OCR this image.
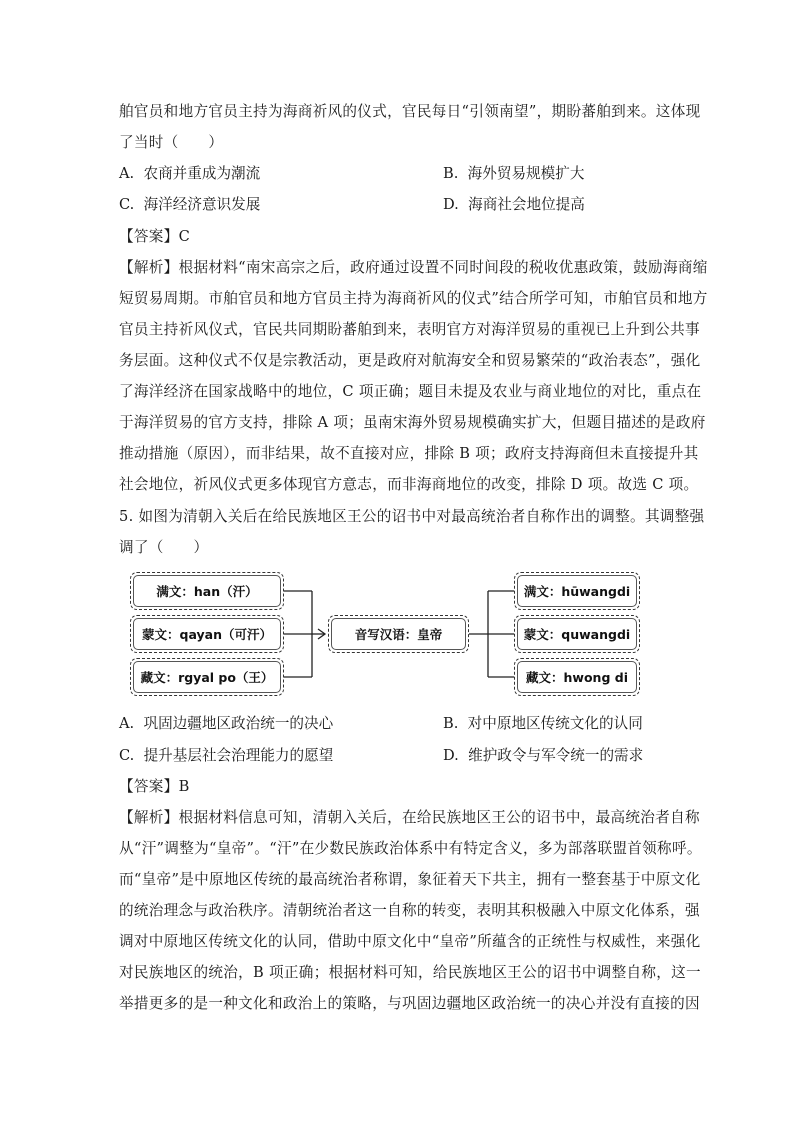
舶官员和地方官员主持为海商祈风的仪式，官民每日“引领南望”，期盼蕃舶到来。这体现
了当时（　　）
A. 农商并重成为潮流	B. 海外贸易规模扩大
C. 海洋经济意识发展	D. 海商社会地位提高
【答案】C
【解析】根据材料“南宋高宗之后，政府通过设置不同时间段的税收优惠政策，鼓励海商缩
短贸易周期。市舶官员和地方官员主持为海商祈风的仪式”结合所学可知，市舶官员和地方
官员主持祈风仪式，官民共同期盼蕃舶到来，表明官方对海洋贸易的重视已上升到公共事
务层面。这种仪式不仅是宗教活动，更是政府对航海安全和贸易繁荣的“政治表态”，强化
了海洋经济在国家战略中的地位，C 项正确；题目未提及农业与商业地位的对比，重点在
于海洋贸易的官方支持，排除 A 项；虽南宋海外贸易规模确实扩大，但题目描述的是政府
推动措施（原因），而非结果，故不直接对应，排除 B 项；政府支持海商但未直接提升其
社会地位，祈风仪式更多体现官方意志，而非海商地位的改变，排除 D 项。故选 C 项。
5. 如图为清朝入关后在给民族地区王公的诏书中对最高统治者自称作出的调整。其调整强
调了（　　）
满文：han（汗）
蒙文：qayan（可汗）
藏文：rgyal po（王）
音写汉语：皇帝
满文：hūwangdi
蒙文：quwangdi
藏文：hwong di
A. 巩固边疆地区政治统一的决心	B. 对中原地区传统文化的认同
C. 提升基层社会治理能力的愿望	D. 维护政令与军令统一的需求
【答案】B
【解析】根据材料信息可知，清朝入关后，在给民族地区王公的诏书中，最高统治者自称
从“汗”调整为“皇帝”。“汗”在少数民族政治体系中有特定含义，多为部落联盟首领称呼。
而“皇帝”是中原地区传统的最高统治者称谓，象征着天下共主，拥有一整套基于中原文化
的统治理念与政治秩序。清朝统治者这一自称的转变，表明其积极融入中原文化体系，强
调对中原地区传统文化的认同，借助中原文化中“皇帝”所蕴含的正统性与权威性，来强化
对民族地区的统治，B 项正确；根据材料可知，给民族地区王公的诏书中调整自称，这一
举措更多的是一种文化和政治上的策略，与巩固边疆地区政治统一的决心并没有直接的因
